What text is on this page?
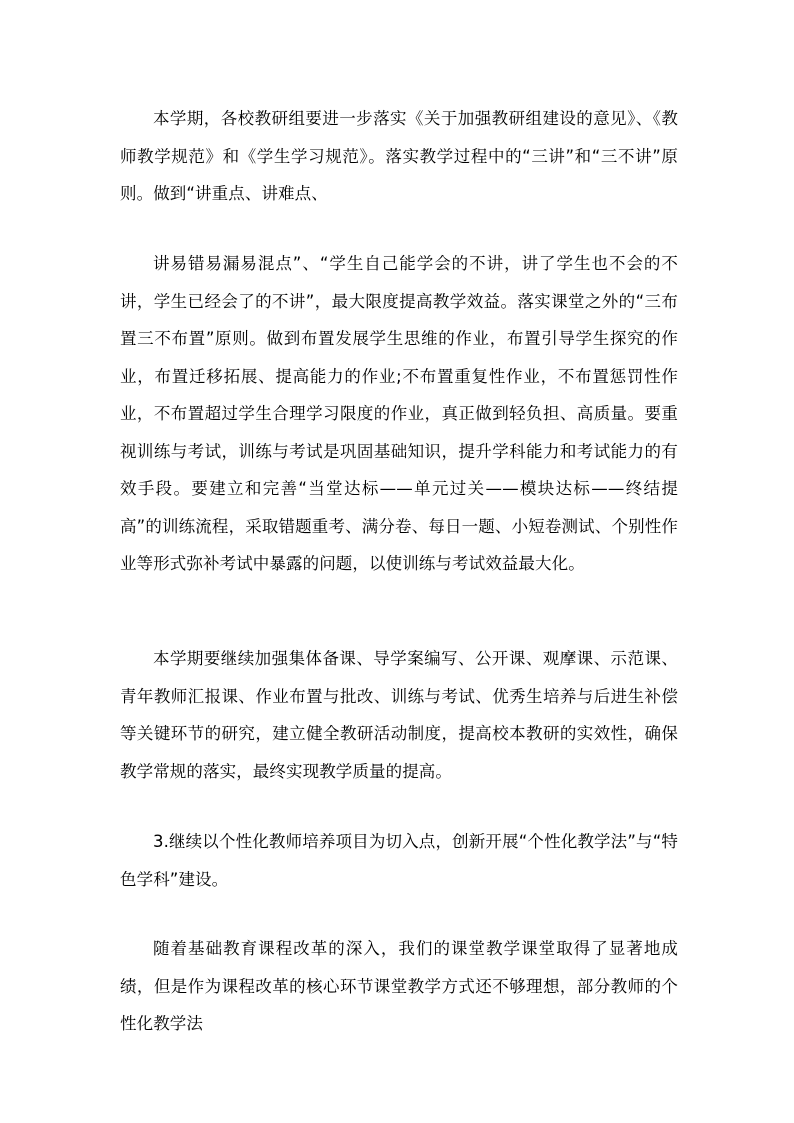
本学期，各校教研组要进一步落实《关于加强教研组建设的意见》、《教师教学规范》和《学生学习规范》。落实教学过程中的“三讲”和“三不讲”原则。做到“讲重点、讲难点、

讲易错易漏易混点”、“学生自己能学会的不讲，讲了学生也不会的不讲，学生已经会了的不讲”，最大限度提高教学效益。落实课堂之外的“三布置三不布置”原则。做到布置发展学生思维的作业，布置引导学生探究的作业，布置迁移拓展、提高能力的作业;不布置重复性作业，不布置惩罚性作业，不布置超过学生合理学习限度的作业，真正做到轻负担、高质量。要重视训练与考试，训练与考试是巩固基础知识，提升学科能力和考试能力的有效手段。要建立和完善“当堂达标——单元过关——模块达标——终结提高”的训练流程，采取错题重考、满分卷、每日一题、小短卷测试、个别性作业等形式弥补考试中暴露的问题，以使训练与考试效益最大化。

本学期要继续加强集体备课、导学案编写、公开课、观摩课、示范课、青年教师汇报课、作业布置与批改、训练与考试、优秀生培养与后进生补偿等关键环节的研究，建立健全教研活动制度，提高校本教研的实效性，确保教学常规的落实，最终实现教学质量的提高。

3.继续以个性化教师培养项目为切入点，创新开展“个性化教学法”与“特色学科”建设。

随着基础教育课程改革的深入，我们的课堂教学课堂取得了显著地成绩，但是作为课程改革的核心环节课堂教学方式还不够理想，部分教师的个性化教学法
